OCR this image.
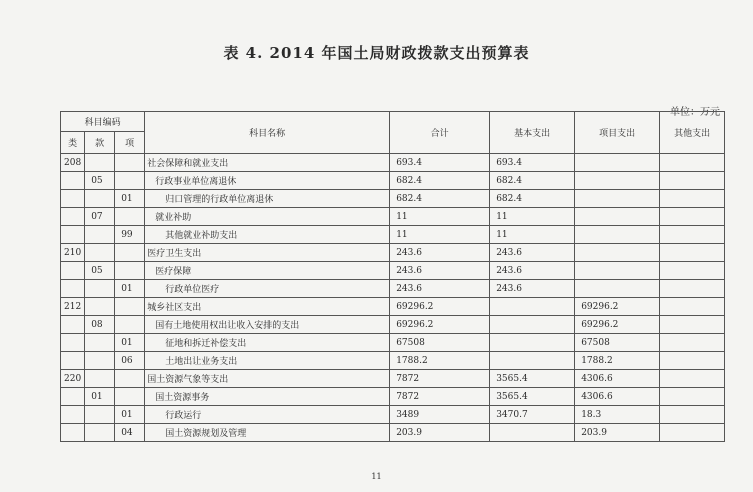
表 4. 2014 年国土局财政拨款支出预算表
单位：万元
科目编码			科目名称	合计	基本支出	项目支出	其他支出
类	款	项					
208			社会保障和就业支出	693.4	693.4		
	05		行政事业单位离退休	682.4	682.4		
		01	归口管理的行政单位离退休	682.4	682.4		
	07		就业补助	11	11		
		99	其他就业补助支出	11	11		
210			医疗卫生支出	243.6	243.6		
	05		医疗保障	243.6	243.6		
		01	行政单位医疗	243.6	243.6		
212			城乡社区支出	69296.2		69296.2	
	08		国有土地使用权出让收入安排的支出	69296.2		69296.2	
		01	征地和拆迁补偿支出	67508		67508	
		06	土地出让业务支出	1788.2		1788.2	
220			国土资源气象等支出	7872	3565.4	4306.6	
	01		国土资源事务	7872	3565.4	4306.6	
		01	行政运行	3489	3470.7	18.3	
		04	国土资源规划及管理	203.9		203.9	
11
